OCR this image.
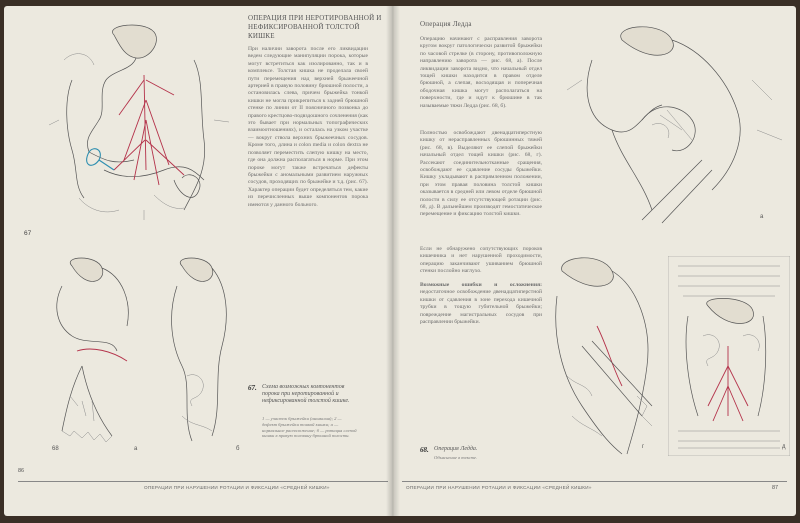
67
68	а	б
ОПЕРАЦИЯ ПРИ НЕРОТИРОВАННОЙ И НЕФИКСИРОВАННОЙ ТОЛСТОЙ КИШКЕ
При наличии заворота после его ликвидации ведем следующие манипуляции порока, которые могут встретиться как изолированно, так и в комплексе. Толстая кишка не проделала своей пути перемещения над верхней брыжеечной артерией в правую половину брюшной полости, а остановилась слева, причем брыжейка тонкой кишки не могла прикрепиться к задней брюшной стенке по линии от II поясничного позвонка до правого крестцово-подвздошного сочленения (как это бывает при нормальных топографических взаимоотношениях), и осталась на узком участке — вокруг ствола верхних брыжеечных сосудов. Кроме того, длина и colon media и colon dextra не позволяет переместить слепую кишку на место, где она должна располагаться в норме. При этом пороке могут также встречаться дефекты брыжейки с аномальными развитием наружных сосудов, проходящих по брыжейке и т.д. (рис. 67). Характер операции будет определяться тем, какие из перечисленных выше компонентов порока имеются у данного больного.
67. Схема возможных компонентов порока при неротированной и нефиксированной толстой кишке.
1 — участок брыжейки (аномалия); 2 — дефект брыжейки тонкой кишки; а — нормальное расположение; б — ротация слепой кишки в правую половину брюшной полости.
86
ОПЕРАЦИИ ПРИ НАРУШЕНИИ РОТАЦИИ И ФИКСАЦИИ «СРЕДНЕЙ КИШКИ»
Операция Ледда
Операцию начинают с расправления заворота кругом вокруг патологически развитой брыжейки по часовой стрелке (в сторону, противоположную направлению заворота — рис. 68, а). После ликвидации заворота видно, что начальный отдел тощей кишки находится в правом отделе брюшной, а слепая, восходящая и поперечная ободочная кишка могут располагаться на поверхности, где и идут к брюшине в так называемые тяжи Ледда (рис. 68, б).
Полностью освобождают двенадцатиперстную кишку от нерасправленных брюшинных тяжей (рис. 68, в). Выделяют ее слепой брыжейки начальный отдел тощей кишки (рис. 68, г). Рассекают соединительнотканные сращения, освобождают ее сдавление сосуды брыжейки. Кишку укладывают в распрямленном положении, при этом правая половина толстой кишки оказывается в средней или левом отделе брюшной полости в силу ее отсутствующей ротации (рис. 68, д). В дальнейшем производят гемостатическое перемещение и фиксацию толстой кишки.
Если не обнаружено сопутствующих пороков кишечника и нет нарушенной проходимости, операцию заканчивают ушиванием брюшной стенки послойно наглухо.
Возможные ошибки и осложнения: недостаточное освобождение двенадцатиперстной кишки от сдавления в зоне перехода кишечной трубки в тощую губительной брыжейки; повреждение магистральных сосудов при расправлении брыжейки.
а
г	д
68. Операция Ледда.
Объяснение в тексте.
ОПЕРАЦИИ ПРИ НАРУШЕНИИ РОТАЦИИ И ФИКСАЦИИ «СРЕДНЕЙ КИШКИ»	87
